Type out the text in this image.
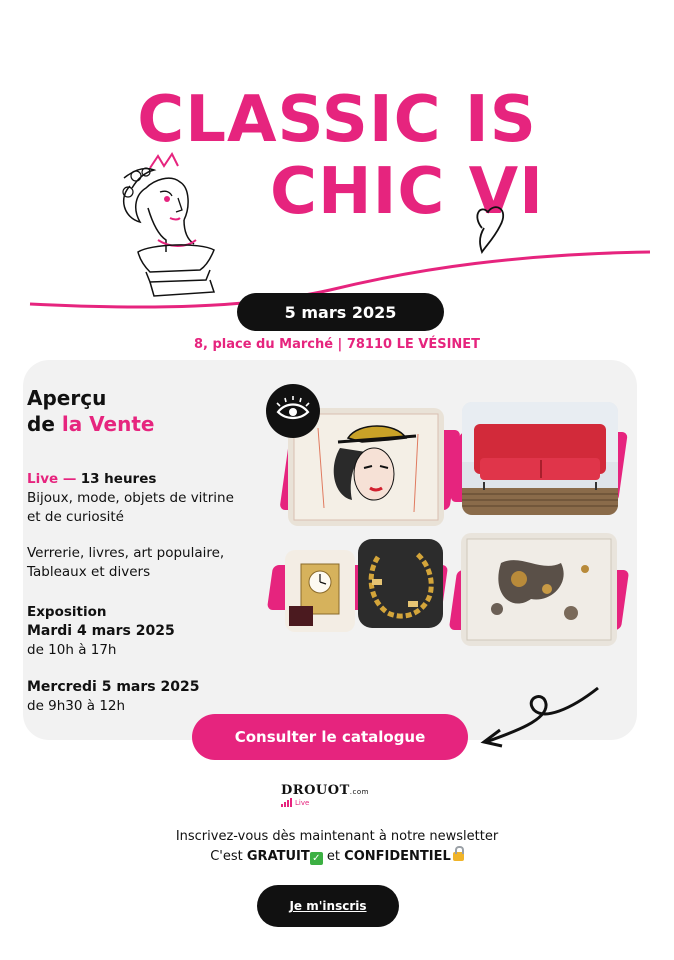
CLASSIC IS
CHIC VI
5 mars 2025
8, place du Marché | 78110 LE VÉSINET
Aperçu
de la Vente
Live — 13 heures
Bijoux, mode, objets de vitrine
et de curiosité
Verrerie, livres, art populaire,
Tableaux et divers
Exposition
Mardi 4 mars 2025
de 10h à 17h
Mercredi 5 mars 2025
de 9h30 à 12h
Consulter le catalogue
DROUOT.com
Live
Inscrivez-vous dès maintenant à notre newsletter
C'est GRATUIT ✓ et CONFIDENTIEL
Je m'inscris
